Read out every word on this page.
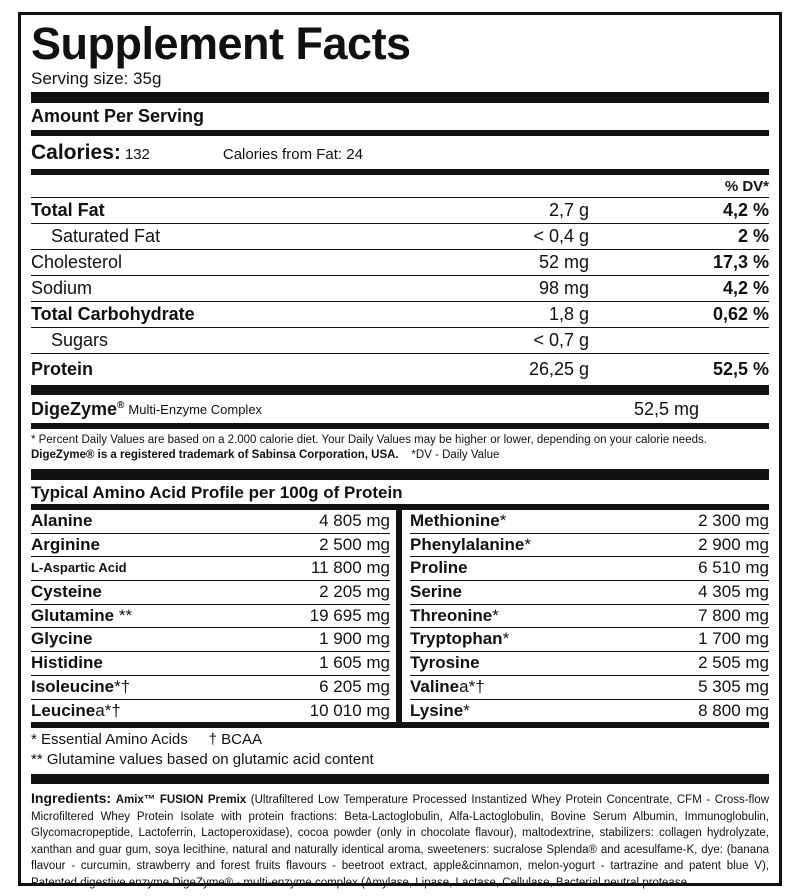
Supplement Facts
Serving size: 35g
Amount Per Serving
Calories: 132	Calories from Fat: 24
% DV*
Total Fat	2,7 g	4,2 %
Saturated Fat	< 0,4 g	2 %
Cholesterol	52 mg	17,3 %
Sodium	98 mg	4,2 %
Total Carbohydrate	1,8 g	0,62 %
Sugars	< 0,7 g
Protein	26,25 g	52,5 %
DigeZyme® Multi-Enzyme Complex	52,5 mg
* Percent Daily Values are based on a 2.000 calorie diet. Your Daily Values may be higher or lower, depending on your calorie needs.
DigeZyme® is a registered trademark of Sabinsa Corporation, USA. *DV - Daily Value
Typical Amino Acid Profile per 100g of Protein
Alanine	4 805 mg
Arginine	2 500 mg
L-Aspartic Acid	11 800 mg
Cysteine	2 205 mg
Glutamine **	19 695 mg
Glycine	1 900 mg
Histidine	1 605 mg
Isoleucine*†	6 205 mg
Leucinea*†	10 010 mg
Methionine*	2 300 mg
Phenylalanine*	2 900 mg
Proline	6 510 mg
Serine	4 305 mg
Threonine*	7 800 mg
Tryptophan*	1 700 mg
Tyrosine	2 505 mg
Valinea*†	5 305 mg
Lysine*	8 800 mg
* Essential Amino Acids † BCAA
** Glutamine values based on glutamic acid content
Ingredients: Amix™ FUSION Premix (Ultrafiltered Low Temperature Processed Instantized Whey Protein Concentrate, CFM - Cross-flow Microfiltered Whey Protein Isolate with protein fractions: Beta-Lactoglobulin, Alfa-Lactoglobulin, Bovine Serum Albumin, Immunoglobulin, Glycomacropeptide, Lactoferrin, Lactoperoxidase), cocoa powder (only in chocolate flavour), maltodextrine, stabilizers: collagen hydrolyzate, xanthan and guar gum, soya lecithine, natural and naturally identical aroma, sweeteners: sucralose Splenda® and acesulfame-K, dye: (banana flavour - curcumin, strawberry and forest fruits flavours - beetroot extract, apple&cinnamon, melon-yogurt - tartrazine and patent blue V), Patented digestive enzyme DigeZyme® - multi-enzyme complex (Amylase, Lipase, Lactase, Cellulase, Bacterial neutral protease
